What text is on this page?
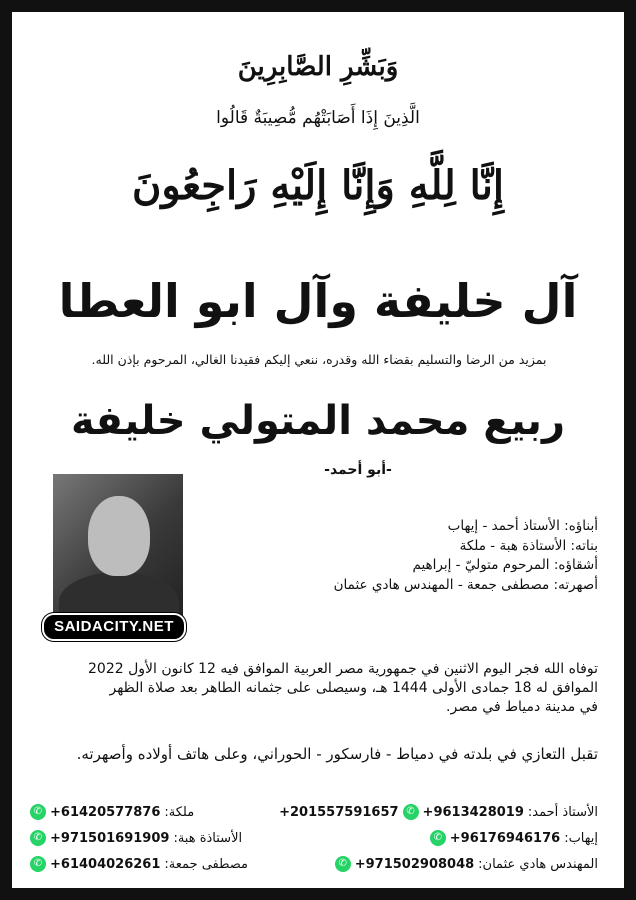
وَبَشِّرِ الصَّابِرِينَ
الَّذِينَ إِذَا أَصَابَتْهُم مُّصِيبَةٌ قَالُوا
إِنَّا لِلَّهِ وَإِنَّا إِلَيْهِ رَاجِعُونَ
آل خليفة وآل ابو العطا
بمزيد من الرضا والتسليم بقضاء الله وقدره، ننعي إليكم فقيدنا الغالي، المرحوم بإذن الله.
ربيع محمد المتولي خليفة
-أبو أحمد-
SAIDACITY.NET
أبناؤه: الأستاذ أحمد - إيهاب
بناته: الأستاذة هبة - ملكة
أشقاؤه: المرحوم متوليّ - إبراهيم
أصهرته: مصطفى جمعة - المهندس هادي عثمان
توفاه الله فجر اليوم الاثنين في جمهورية مصر العربية الموافق فيه 12 كانون الأول 2022
الموافق له 18 جمادى الأولى 1444 هـ، وسيصلى على جثمانه الطاهر بعد صلاة الظهر
في مدينة دمياط في مصر.
تقبل التعازي في بلدته في دمياط - فارسكور - الحوراني، وعلى هاتف أولاده وأصهرته.
الأستاذ أحمد:
+9613428019
✆
+201557591657
إيهاب:
+96176946176
✆
المهندس هادي عثمان:
+971502908048
✆
ملكة:
+61420577876
✆
الأستاذة هبة:
+971501691909
✆
مصطفى جمعة:
+61404026261
✆
